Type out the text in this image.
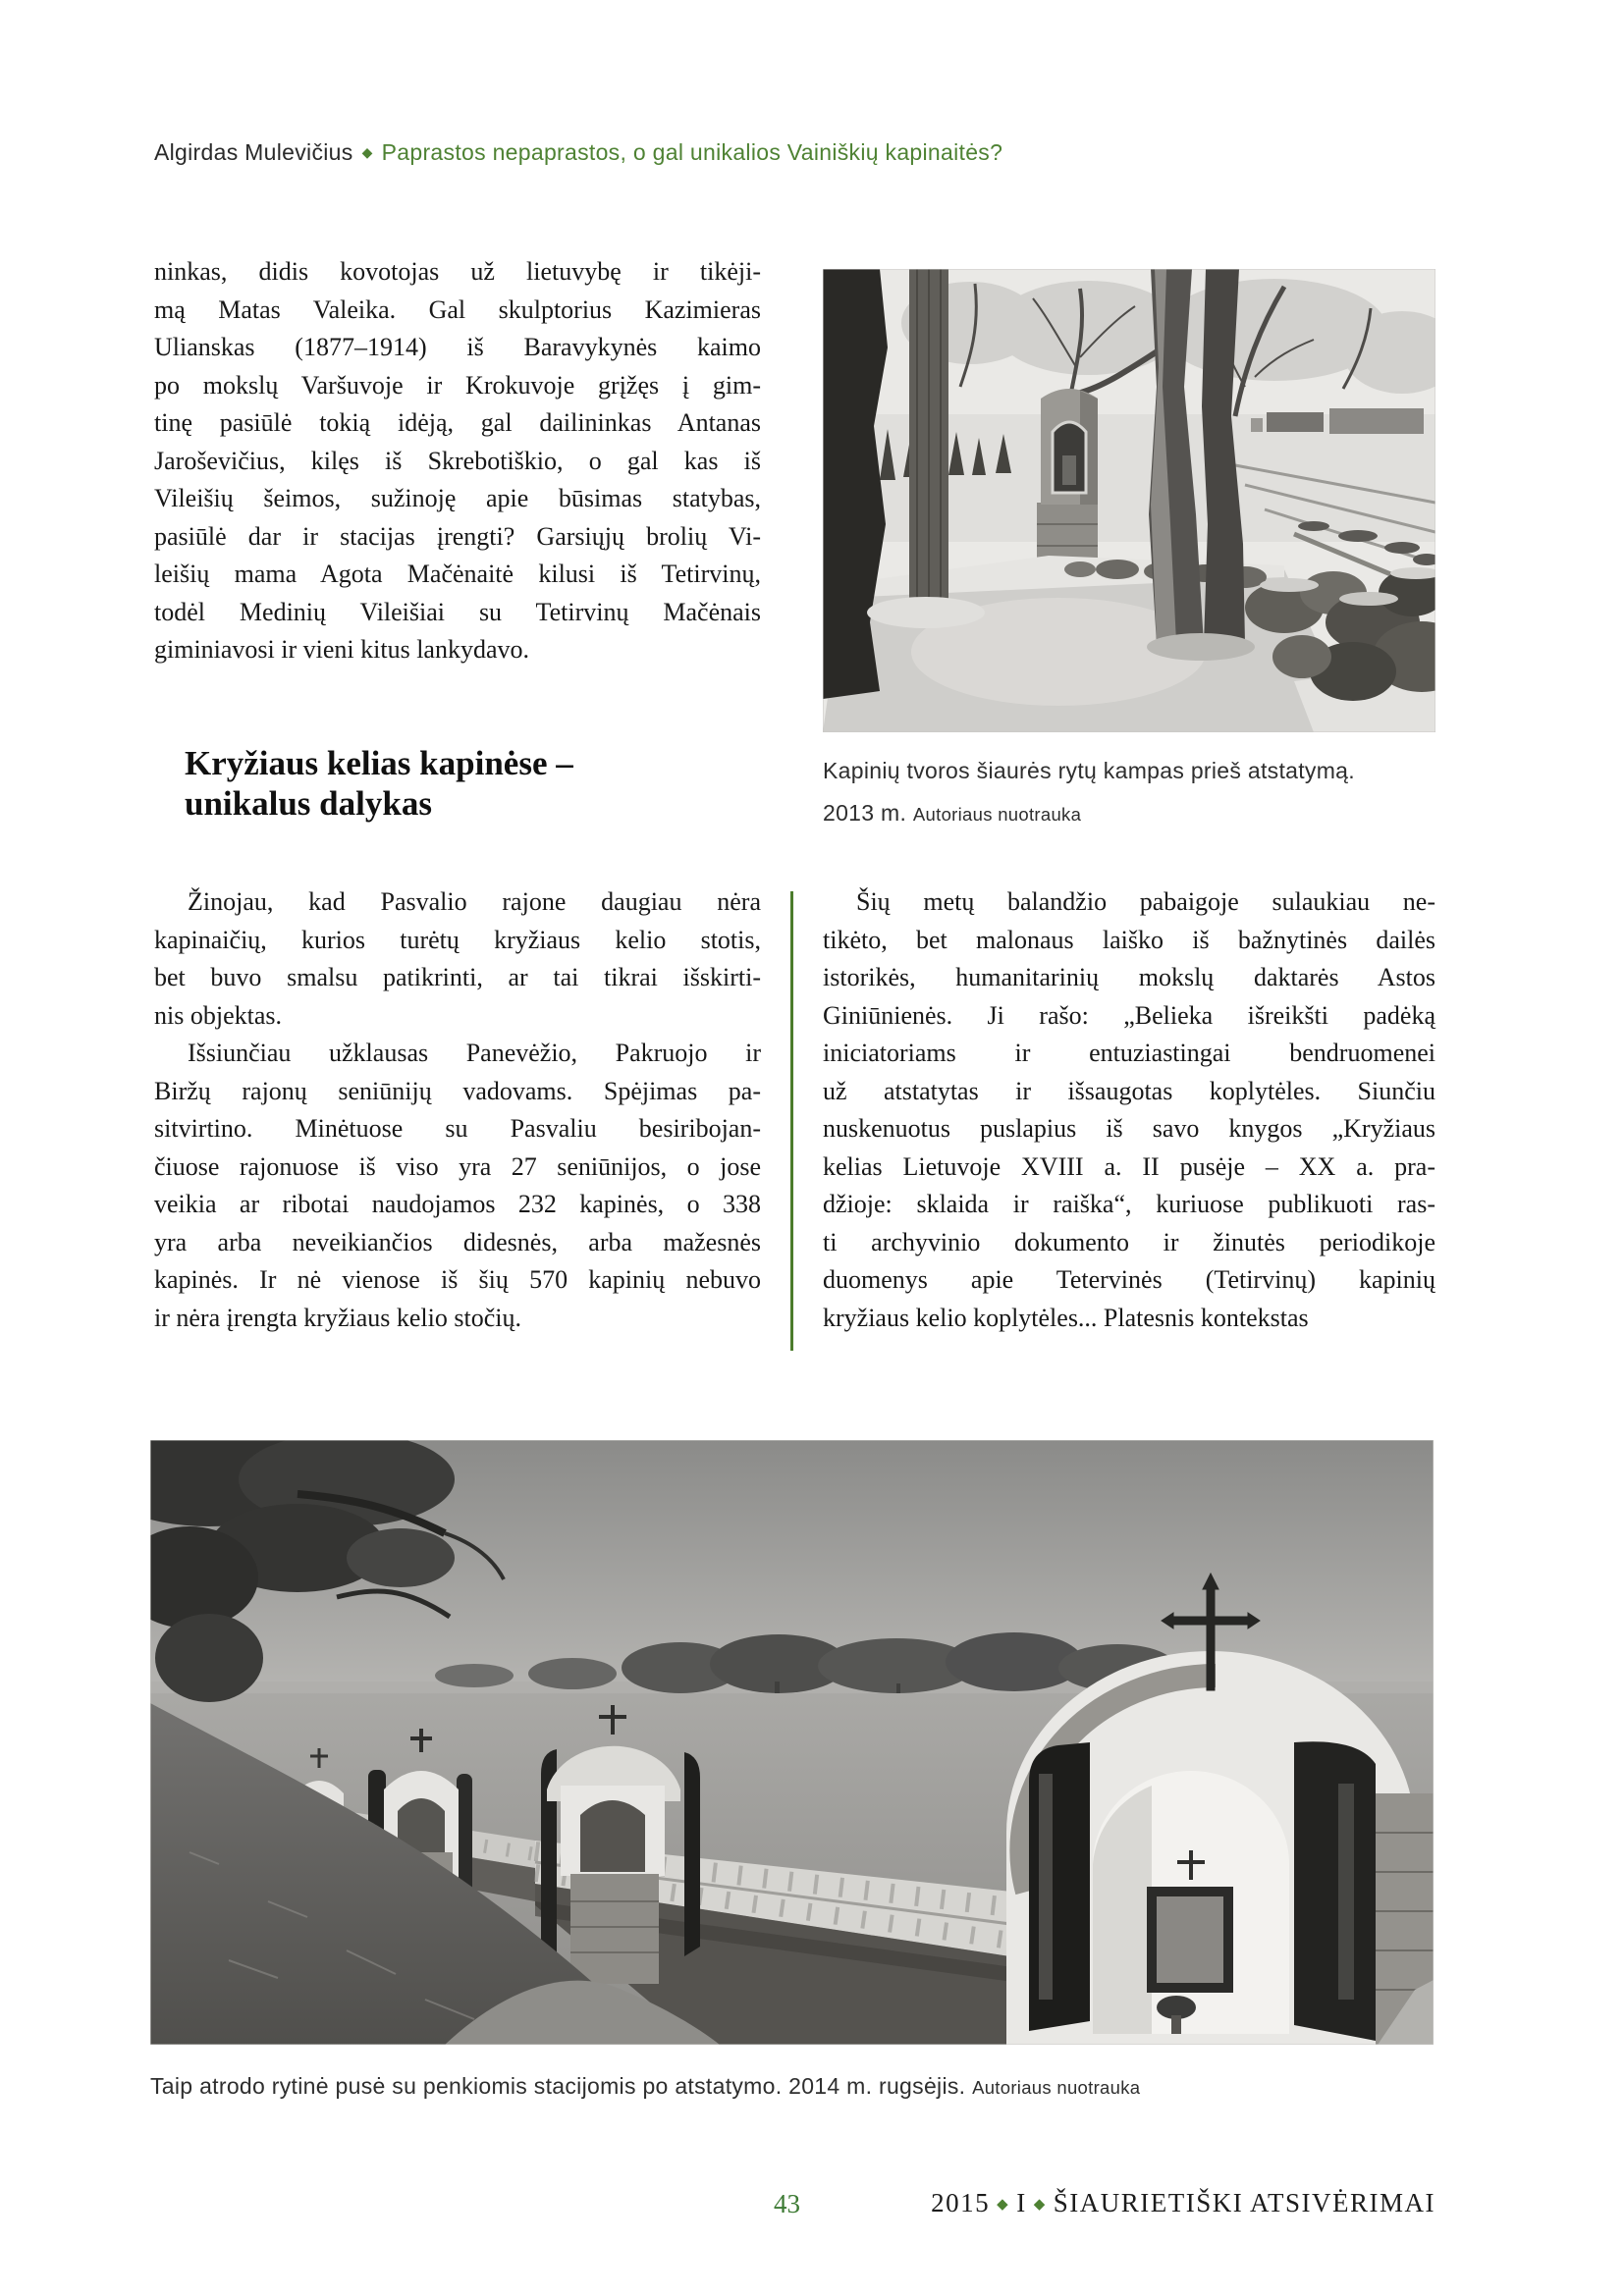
Algirdas Mulevičius ◆ Paprastos nepaprastos, o gal unikalios Vainiškių kapinaitės?
ninkas, didis kovotojas už lietuvybę ir tikėji-
mą Matas Valeika. Gal skulptorius Kazimieras
Ulianskas (1877–1914) iš Baravykynės kaimo
po mokslų Varšuvoje ir Krokuvoje grįžęs į gim-
tinę pasiūlė tokią idėją, gal dailininkas Antanas
Jaroševičius, kilęs iš Skrebotiškio, o gal kas iš
Vileišių šeimos, sužinoję apie būsimas statybas,
pasiūlė dar ir stacijas įrengti? Garsiųjų brolių Vi-
leišių mama Agota Mačėnaitė kilusi iš Tetirvinų,
todėl Medinių Vileišiai su Tetirvinų Mačėnais
giminiavosi ir vieni kitus lankydavo.
Kryžiaus kelias kapinėse –
unikalus dalykas
Žinojau, kad Pasvalio rajone daugiau nėra
kapinaičių, kurios turėtų kryžiaus kelio stotis,
bet buvo smalsu patikrinti, ar tai tikrai išskirti-
nis objektas.
Išsiunčiau užklausas Panevėžio, Pakruojo ir
Biržų rajonų seniūnijų vadovams. Spėjimas pa-
sitvirtino. Minėtuose su Pasvaliu besiribojan-
čiuose rajonuose iš viso yra 27 seniūnijos, o jose
veikia ar ribotai naudojamos 232 kapinės, o 338
yra arba neveikiančios didesnės, arba mažesnės
kapinės. Ir nė vienose iš šių 570 kapinių nebuvo
ir nėra įrengta kryžiaus kelio stočių.
Kapinių tvoros šiaurės rytų kampas prieš atstatymą.
2013 m. Autoriaus nuotrauka
Šių metų balandžio pabaigoje sulaukiau ne-
tikėto, bet malonaus laiško iš bažnytinės dailės
istorikės, humanitarinių mokslų daktarės Astos
Giniūnienės. Ji rašo: „Belieka išreikšti padėką
iniciatoriams ir entuziastingai bendruomenei
už atstatytas ir išsaugotas koplytėles. Siunčiu
nuskenuotus puslapius iš savo knygos „Kryžiaus
kelias Lietuvoje XVIII a. II pusėje – XX a. pra-
džioje: sklaida ir raiška“, kuriuose publikuoti ras-
ti archyvinio dokumento ir žinutės periodikoje
duomenys apie Tetervinės (Tetirvinų) kapinių
kryžiaus kelio koplytėles... Platesnis kontekstas
Taip atrodo rytinė pusė su penkiomis stacijomis po atstatymo. 2014 m. rugsėjis. Autoriaus nuotrauka
43	2015 ◆ I ◆ ŠIAURIETIŠKI ATSIVĖRIMAI
